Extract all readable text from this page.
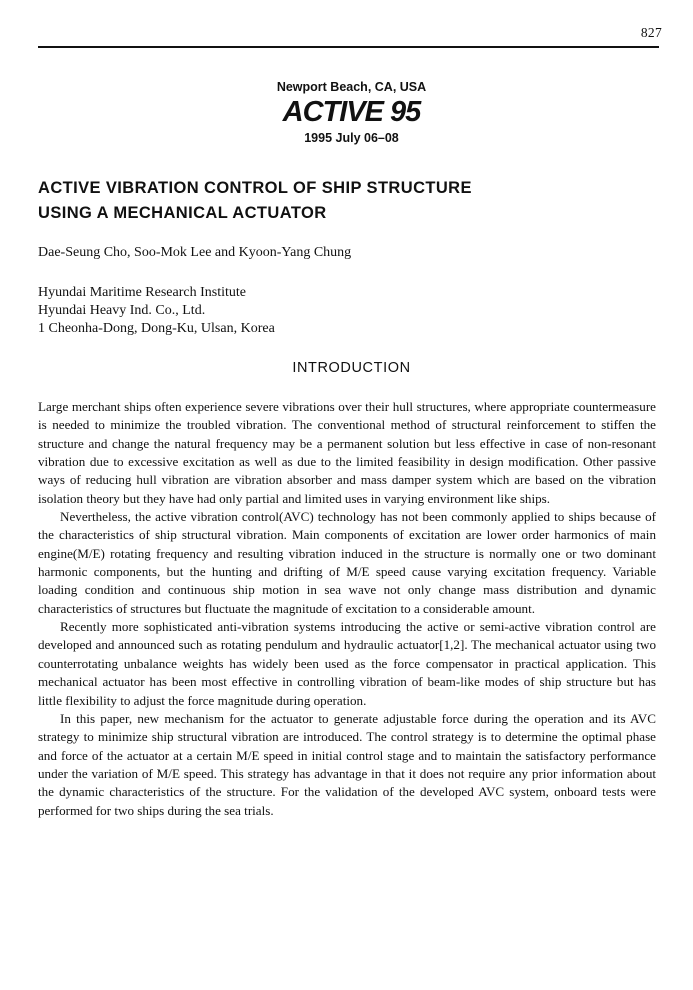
827
Newport Beach, CA, USA
ACTIVE 95
1995 July 06–08
ACTIVE VIBRATION CONTROL OF SHIP STRUCTURE
USING A MECHANICAL ACTUATOR
Dae-Seung Cho, Soo-Mok Lee and Kyoon-Yang Chung
Hyundai Maritime Research Institute
Hyundai Heavy Ind. Co., Ltd.
1 Cheonha-Dong, Dong-Ku, Ulsan, Korea
INTRODUCTION

Large merchant ships often experience severe vibrations over their hull structures, where appropriate countermeasure is needed to minimize the troubled vibration. The conventional method of structural reinforcement to stiffen the structure and change the natural frequency may be a permanent solution but less effective in case of non-resonant vibration due to excessive excitation as well as due to the limited feasibility in design modification. Other passive ways of reducing hull vibration are vibration absorber and mass damper system which are based on the vibration isolation theory but they have had only partial and limited uses in varying environment like ships.

Nevertheless, the active vibration control(AVC) technology has not been commonly applied to ships because of the characteristics of ship structural vibration. Main components of excitation are lower order harmonics of main engine(M/E) rotating frequency and resulting vibration induced in the structure is normally one or two dominant harmonic components, but the hunting and drifting of M/E speed cause varying excitation frequency. Variable loading condition and continuous ship motion in sea wave not only change mass distribution and dynamic characteristics of structures but fluctuate the magnitude of excitation to a considerable amount.

Recently more sophisticated anti-vibration systems introducing the active or semi-active vibration control are developed and announced such as rotating pendulum and hydraulic actuator[1,2]. The mechanical actuator using two counterrotating unbalance weights has widely been used as the force compensator in practical application. This mechanical actuator has been most effective in controlling vibration of beam-like modes of ship structure but has little flexibility to adjust the force magnitude during operation.

In this paper, new mechanism for the actuator to generate adjustable force during the operation and its AVC strategy to minimize ship structural vibration are introduced. The control strategy is to determine the optimal phase and force of the actuator at a certain M/E speed in initial control stage and to maintain the satisfactory performance under the variation of M/E speed. This strategy has advantage in that it does not require any prior information about the dynamic characteristics of the structure. For the validation of the developed AVC system, onboard tests were performed for two ships during the sea trials.
